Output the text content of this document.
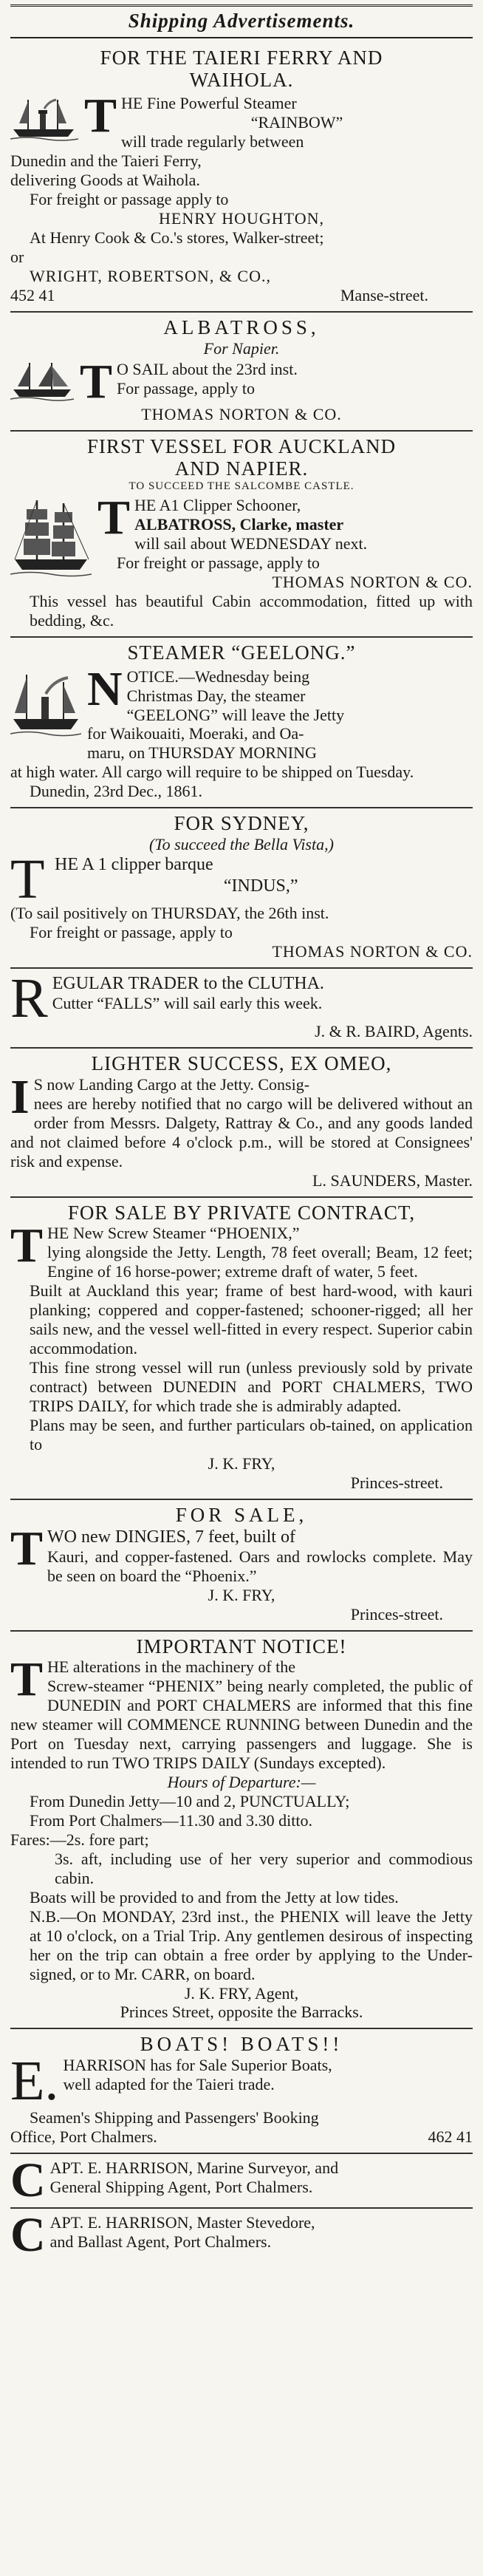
Shipping Advertisements.
FOR THE TAIERI FERRY AND
WAIHOLA.
T HE Fine Powerful Steamer
“RAINBOW”
will trade regularly between
Dunedin and the Taieri Ferry,
delivering Goods at Waihola.
For freight or passage apply to
HENRY HOUGHTON,
At Henry Cook & Co.'s stores, Walker-street;
or
WRIGHT, ROBERTSON, & CO.,
452 41	Manse-street.
ALBATROSS,
For Napier.
T O SAIL about the 23rd inst.
For passage, apply to
THOMAS NORTON & CO.
FIRST VESSEL FOR AUCKLAND
AND NAPIER.
TO SUCCEED THE SALCOMBE CASTLE.
T HE A1 Clipper Schooner,
ALBATROSS, Clarke, master
will sail about WEDNESDAY next.
For freight or passage, apply to
THOMAS NORTON & CO.
This vessel has beautiful Cabin accommodation, fitted up with bedding, &c.
STEAMER “GEELONG.”
N OTICE.—Wednesday being
Christmas Day, the steamer
“GEELONG” will leave the Jetty
for Waikouaiti, Moeraki, and Oa-
maru, on THURSDAY MORNING
at high water. All cargo will require to be shipped on Tuesday.
Dunedin, 23rd Dec., 1861.
FOR SYDNEY,
(To succeed the Bella Vista,)
T HE A 1 clipper barque
“INDUS,”
(To sail positively on THURSDAY, the 26th inst.
For freight or passage, apply to
THOMAS NORTON & CO.
R EGULAR TRADER to the CLUTHA.
Cutter “FALLS” will sail early this week.
J. & R. BAIRD, Agents.
LIGHTER SUCCESS, EX OMEO,
I S now Landing Cargo at the Jetty. Consig-
nees are hereby notified that no cargo will be delivered without an order from Messrs. Dalgety, Rattray & Co., and any goods landed and not claimed before 4 o'clock p.m., will be stored at Consignees' risk and expense.
L. SAUNDERS, Master.
FOR SALE BY PRIVATE CONTRACT,
T HE New Screw Steamer “PHOENIX,”
lying alongside the Jetty. Length, 78 feet overall; Beam, 12 feet; Engine of 16 horse-power; extreme draft of water, 5 feet.
Built at Auckland this year; frame of best hard-wood, with kauri planking; coppered and copper-fastened; schooner-rigged; all her sails new, and the vessel well-fitted in every respect. Superior cabin accommodation.
This fine strong vessel will run (unless previously sold by private contract) between DUNEDIN and PORT CHALMERS, TWO TRIPS DAILY, for which trade she is admirably adapted.
Plans may be seen, and further particulars ob-tained, on application to
J. K. FRY,
Princes-street.
FOR SALE,
T WO new DINGIES, 7 feet, built of
Kauri, and copper-fastened. Oars and rowlocks complete. May be seen on board the “Phoenix.”
J. K. FRY,
Princes-street.
IMPORTANT NOTICE!
T HE alterations in the machinery of the
Screw-steamer “PHENIX” being nearly completed, the public of DUNEDIN and PORT CHALMERS are informed that this fine new steamer will COMMENCE RUNNING between Dunedin and the Port on Tuesday next, carrying passengers and luggage. She is intended to run TWO TRIPS DAILY (Sundays excepted).
Hours of Departure:—
From Dunedin Jetty—10 and 2, PUNCTUALLY;
From Port Chalmers—11.30 and 3.30 ditto.
Fares:—2s. fore part;
3s. aft, including use of her very superior and commodious cabin.
Boats will be provided to and from the Jetty at low tides.
N.B.—On MONDAY, 23rd inst., the PHENIX will leave the Jetty at 10 o'clock, on a Trial Trip. Any gentlemen desirous of inspecting her on the trip can obtain a free order by applying to the Under-signed, or to Mr. CARR, on board.
J. K. FRY, Agent,
Princes Street, opposite the Barracks.
BOATS! BOATS!!
E. HARRISON has for Sale Superior Boats,
well adapted for the Taieri trade.
Seamen's Shipping and Passengers' Booking
Office, Port Chalmers.	462 41
C APT. E. HARRISON, Marine Surveyor, and
General Shipping Agent, Port Chalmers.
C APT. E. HARRISON, Master Stevedore,
and Ballast Agent, Port Chalmers.
